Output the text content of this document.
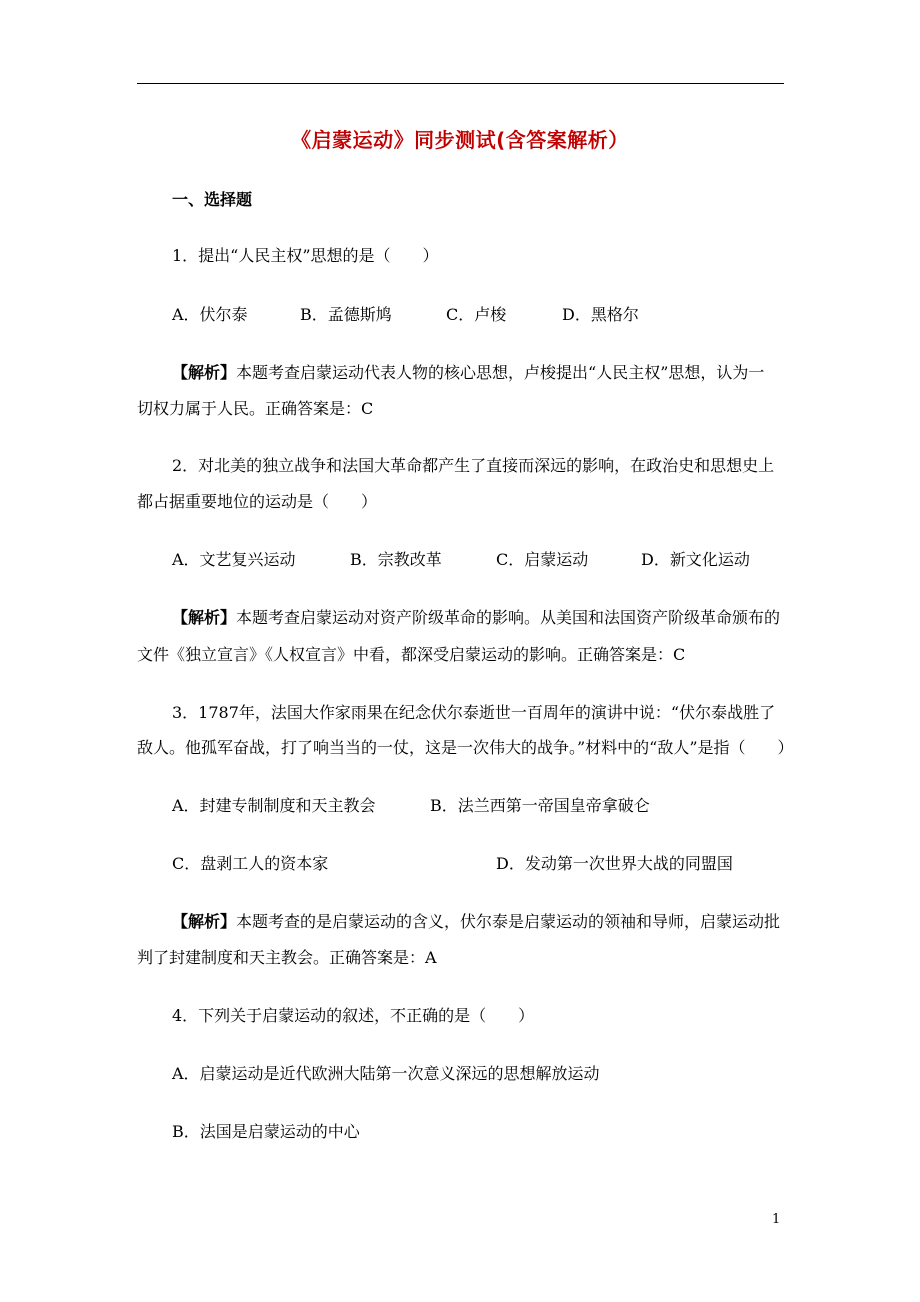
《启蒙运动》同步测试(含答案解析）
一、选择题
1．提出“人民主权”思想的是（　　）
A．伏尔泰	B．孟德斯鸠	C．卢梭	D．黑格尔
【解析】本题考查启蒙运动代表人物的核心思想，卢梭提出“人民主权”思想，认为一
切权力属于人民。正确答案是：C
2．对北美的独立战争和法国大革命都产生了直接而深远的影响，在政治史和思想史上
都占据重要地位的运动是（　　）
A．文艺复兴运动	B．宗教改革	C．启蒙运动	D．新文化运动
【解析】本题考查启蒙运动对资产阶级革命的影响。从美国和法国资产阶级革命颁布的
文件《独立宣言》《人权宣言》中看，都深受启蒙运动的影响。正确答案是：C
3．1787年，法国大作家雨果在纪念伏尔泰逝世一百周年的演讲中说：“伏尔泰战胜了
敌人。他孤军奋战，打了响当当的一仗，这是一次伟大的战争。”材料中的“敌人”是指（　　）
A．封建专制制度和天主教会	B．法兰西第一帝国皇帝拿破仑
C．盘剥工人的资本家	D．发动第一次世界大战的同盟国
【解析】本题考查的是启蒙运动的含义，伏尔泰是启蒙运动的领袖和导师，启蒙运动批
判了封建制度和天主教会。正确答案是：A
4．下列关于启蒙运动的叙述，不正确的是（　　）
A．启蒙运动是近代欧洲大陆第一次意义深远的思想解放运动
B．法国是启蒙运动的中心
1
